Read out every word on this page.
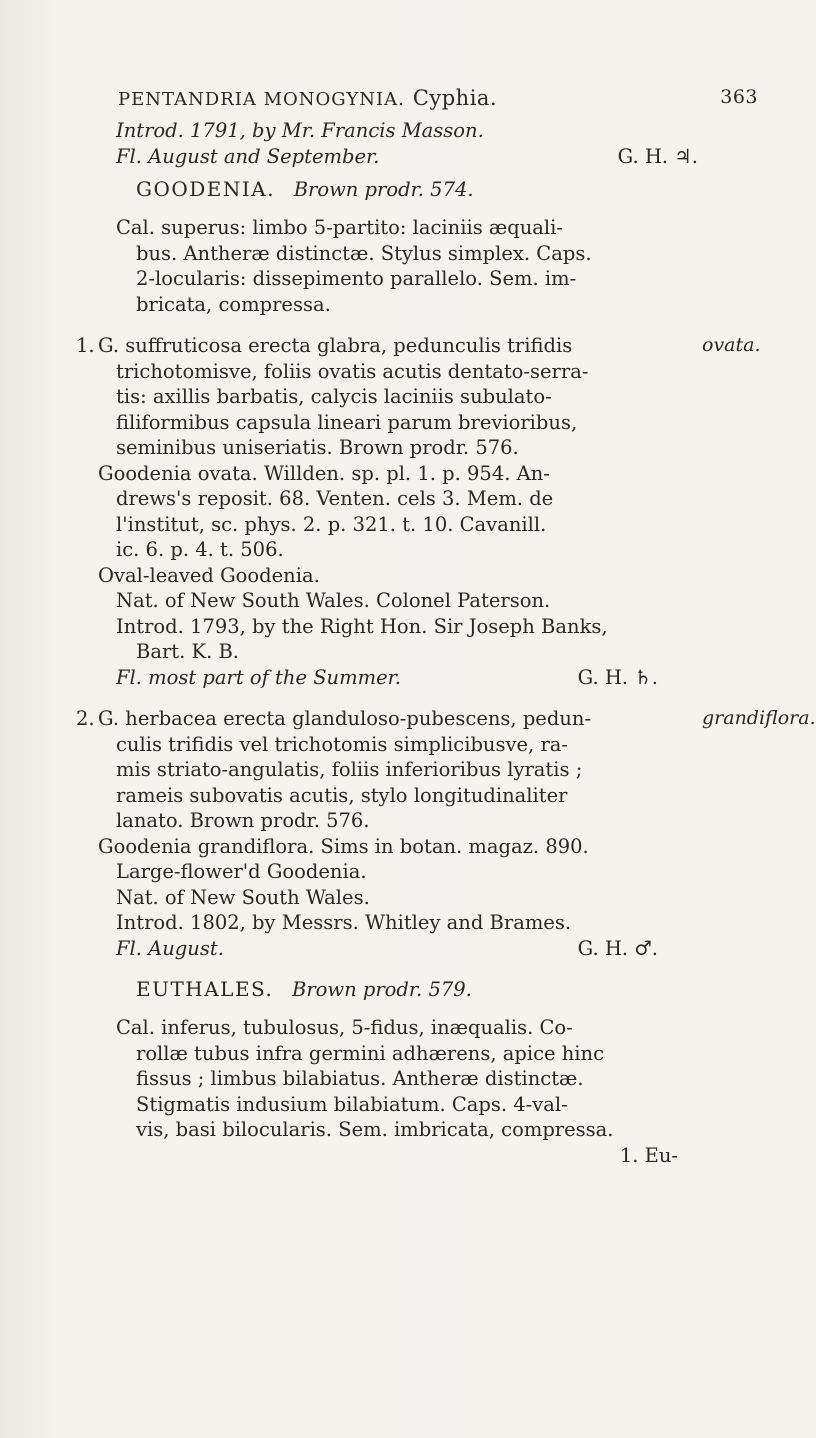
PENTANDRIA MONOGYNIA. Cyphia.	363
Introd. 1791, by Mr. Francis Masson.
Fl. August and September.	G. H. ♃.
GOODENIA. Brown prodr. 574.
Cal. superus: limbo 5-partito: laciniis æquali-
bus. Antheræ distinctæ. Stylus simplex. Caps.
2-locularis: dissepimento parallelo. Sem. im-
bricata, compressa.
1.	ovata.
G. suffruticosa erecta glabra, pedunculis trifidis
trichotomisve, foliis ovatis acutis dentato-serra-
tis: axillis barbatis, calycis laciniis subulato-
filiformibus capsula lineari parum brevioribus,
seminibus uniseriatis. Brown prodr. 576.
Goodenia ovata. Willden. sp. pl. 1. p. 954. An-
drews's reposit. 68. Venten. cels 3. Mem. de
l'institut, sc. phys. 2. p. 321. t. 10. Cavanill.
ic. 6. p. 4. t. 506.
Oval-leaved Goodenia.
Nat. of New South Wales. Colonel Paterson.
Introd. 1793, by the Right Hon. Sir Joseph Banks,
Bart. K. B.
Fl. most part of the Summer.	G. H. ♄.
2.	grandiflora.
G. herbacea erecta glanduloso-pubescens, pedun-
culis trifidis vel trichotomis simplicibusve, ra-
mis striato-angulatis, foliis inferioribus lyratis ;
rameis subovatis acutis, stylo longitudinaliter
lanato. Brown prodr. 576.
Goodenia grandiflora. Sims in botan. magaz. 890.
Large-flower'd Goodenia.
Nat. of New South Wales.
Introd. 1802, by Messrs. Whitley and Brames.
Fl. August.	G. H. ♂.
EUTHALES. Brown prodr. 579.
Cal. inferus, tubulosus, 5-fidus, inæqualis. Co-
rollæ tubus infra germini adhærens, apice hinc
fissus ; limbus bilabiatus. Antheræ distinctæ.
Stigmatis indusium bilabiatum. Caps. 4-val-
vis, basi bilocularis. Sem. imbricata, compressa.
1. Eu-
